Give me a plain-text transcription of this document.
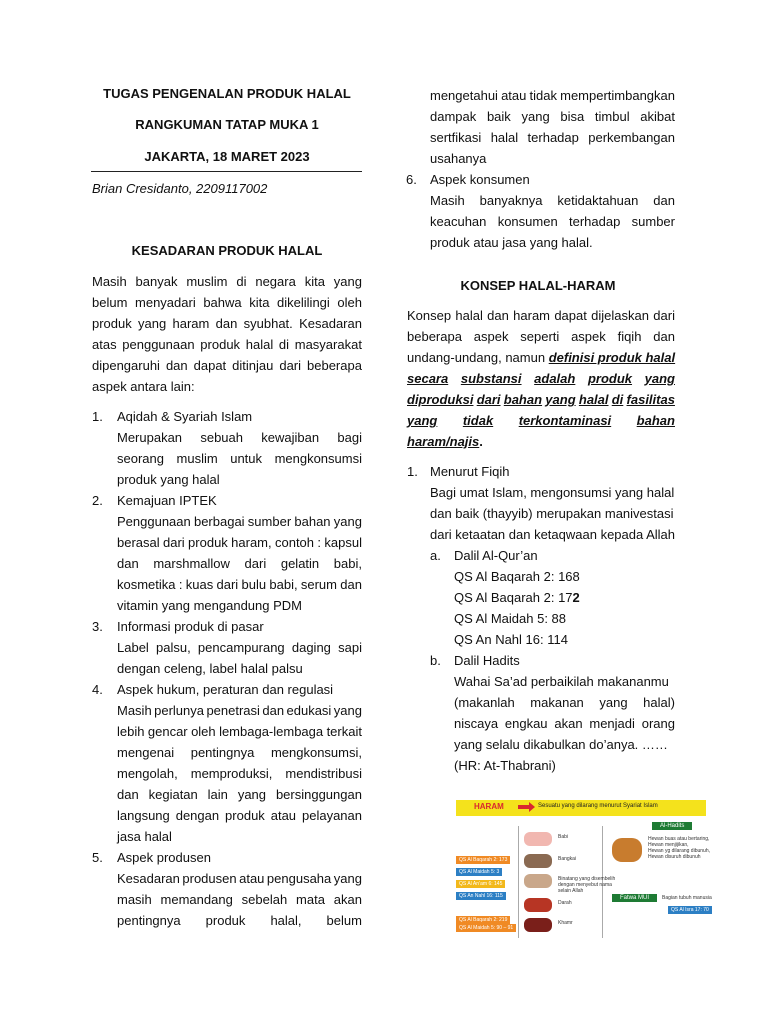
TUGAS PENGENALAN PRODUK HALAL
RANGKUMAN TATAP MUKA 1
JAKARTA, 18 MARET 2023
Brian Cresidanto, 2209117002
KESADARAN PRODUK HALAL
Masih banyak muslim di negara kita yang
belum menyadari bahwa kita dikelilingi oleh
produk yang haram dan syubhat. Kesadaran
atas penggunaan produk halal di masyarakat
dipengaruhi dan dapat ditinjau dari beberapa
aspek antara lain:
1. Aqidah & Syariah Islam
Merupakan sebuah kewajiban bagi
seorang muslim untuk mengkonsumsi
produk yang halal
2. Kemajuan IPTEK
Penggunaan berbagai sumber bahan yang
berasal dari produk haram, contoh : kapsul
dan marshmallow dari gelatin babi,
kosmetika : kuas dari bulu babi, serum dan
vitamin yang mengandung PDM
3. Informasi produk di pasar
Label palsu, pencampurang daging sapi
dengan celeng, label halal palsu
4. Aspek hukum, peraturan dan regulasi
Masih perlunya penetrasi dan edukasi yang
lebih gencar oleh lembaga-lembaga terkait
mengenai pentingnya mengkonsumsi,
mengolah, memproduksi, mendistribusi
dan kegiatan lain yang bersinggungan
langsung dengan produk atau pelayanan
jasa halal
5. Aspek produsen
Kesadaran produsen atau pengusaha yang
masih memandang sebelah mata akan
pentingnya produk halal, belum
mengetahui atau tidak mempertimbangkan
dampak baik yang bisa timbul akibat
sertfikasi halal terhadap perkembangan
usahanya
6. Aspek konsumen
Masih banyaknya ketidaktahuan dan
keacuhan konsumen terhadap sumber
produk atau jasa yang halal.
KONSEP HALAL-HARAM
Konsep halal dan haram dapat dijelaskan dari
beberapa aspek seperti aspek fiqih dan
undang-undang, namun definisi produk halal
secara substansi adalah produk yang
diproduksi dari bahan yang halal di fasilitas
yang tidak terkontaminasi bahan
haram/najis.
1. Menurut Fiqih
Bagi umat Islam, mengonsumsi yang halal
dan baik (thayyib) merupakan manivestasi
dari ketaatan dan ketaqwaan kepada Allah
a. Dalil Al-Qur’an
QS Al Baqarah 2: 168
QS Al Baqarah 2: 172
QS Al Maidah 5: 88
QS An Nahl 16: 114
b. Dalil Hadits
Wahai Sa’ad perbaikilah makananmu
(makanlah makanan yang halal)
niscaya engkau akan menjadi orang
yang selalu dikabulkan do’anya. ……
(HR: At-Thabrani)
HARAM	Sesuatu yang dilarang menurut Syariat Islam
Babi
Bangkai
Binatang yang disembelih
dengan menyebut nama
selain Allah
Darah
Khamr
QS Al Baqarah 2: 173
QS Al Maidah 5: 3
QS Al An’am 6: 145
QS An Nahl 16: 115
QS Al Baqarah 2: 219
QS Al Maidah 5: 90 – 91
QS Al Isra 17: 70
Al-Hadits
Hewan buas atau bertaring,
Hewan menjijikan,
Hewan yg dilarang dibunuh,
Hewan disuruh dibunuh
Fatwa MUI	Bagian tubuh manusia
